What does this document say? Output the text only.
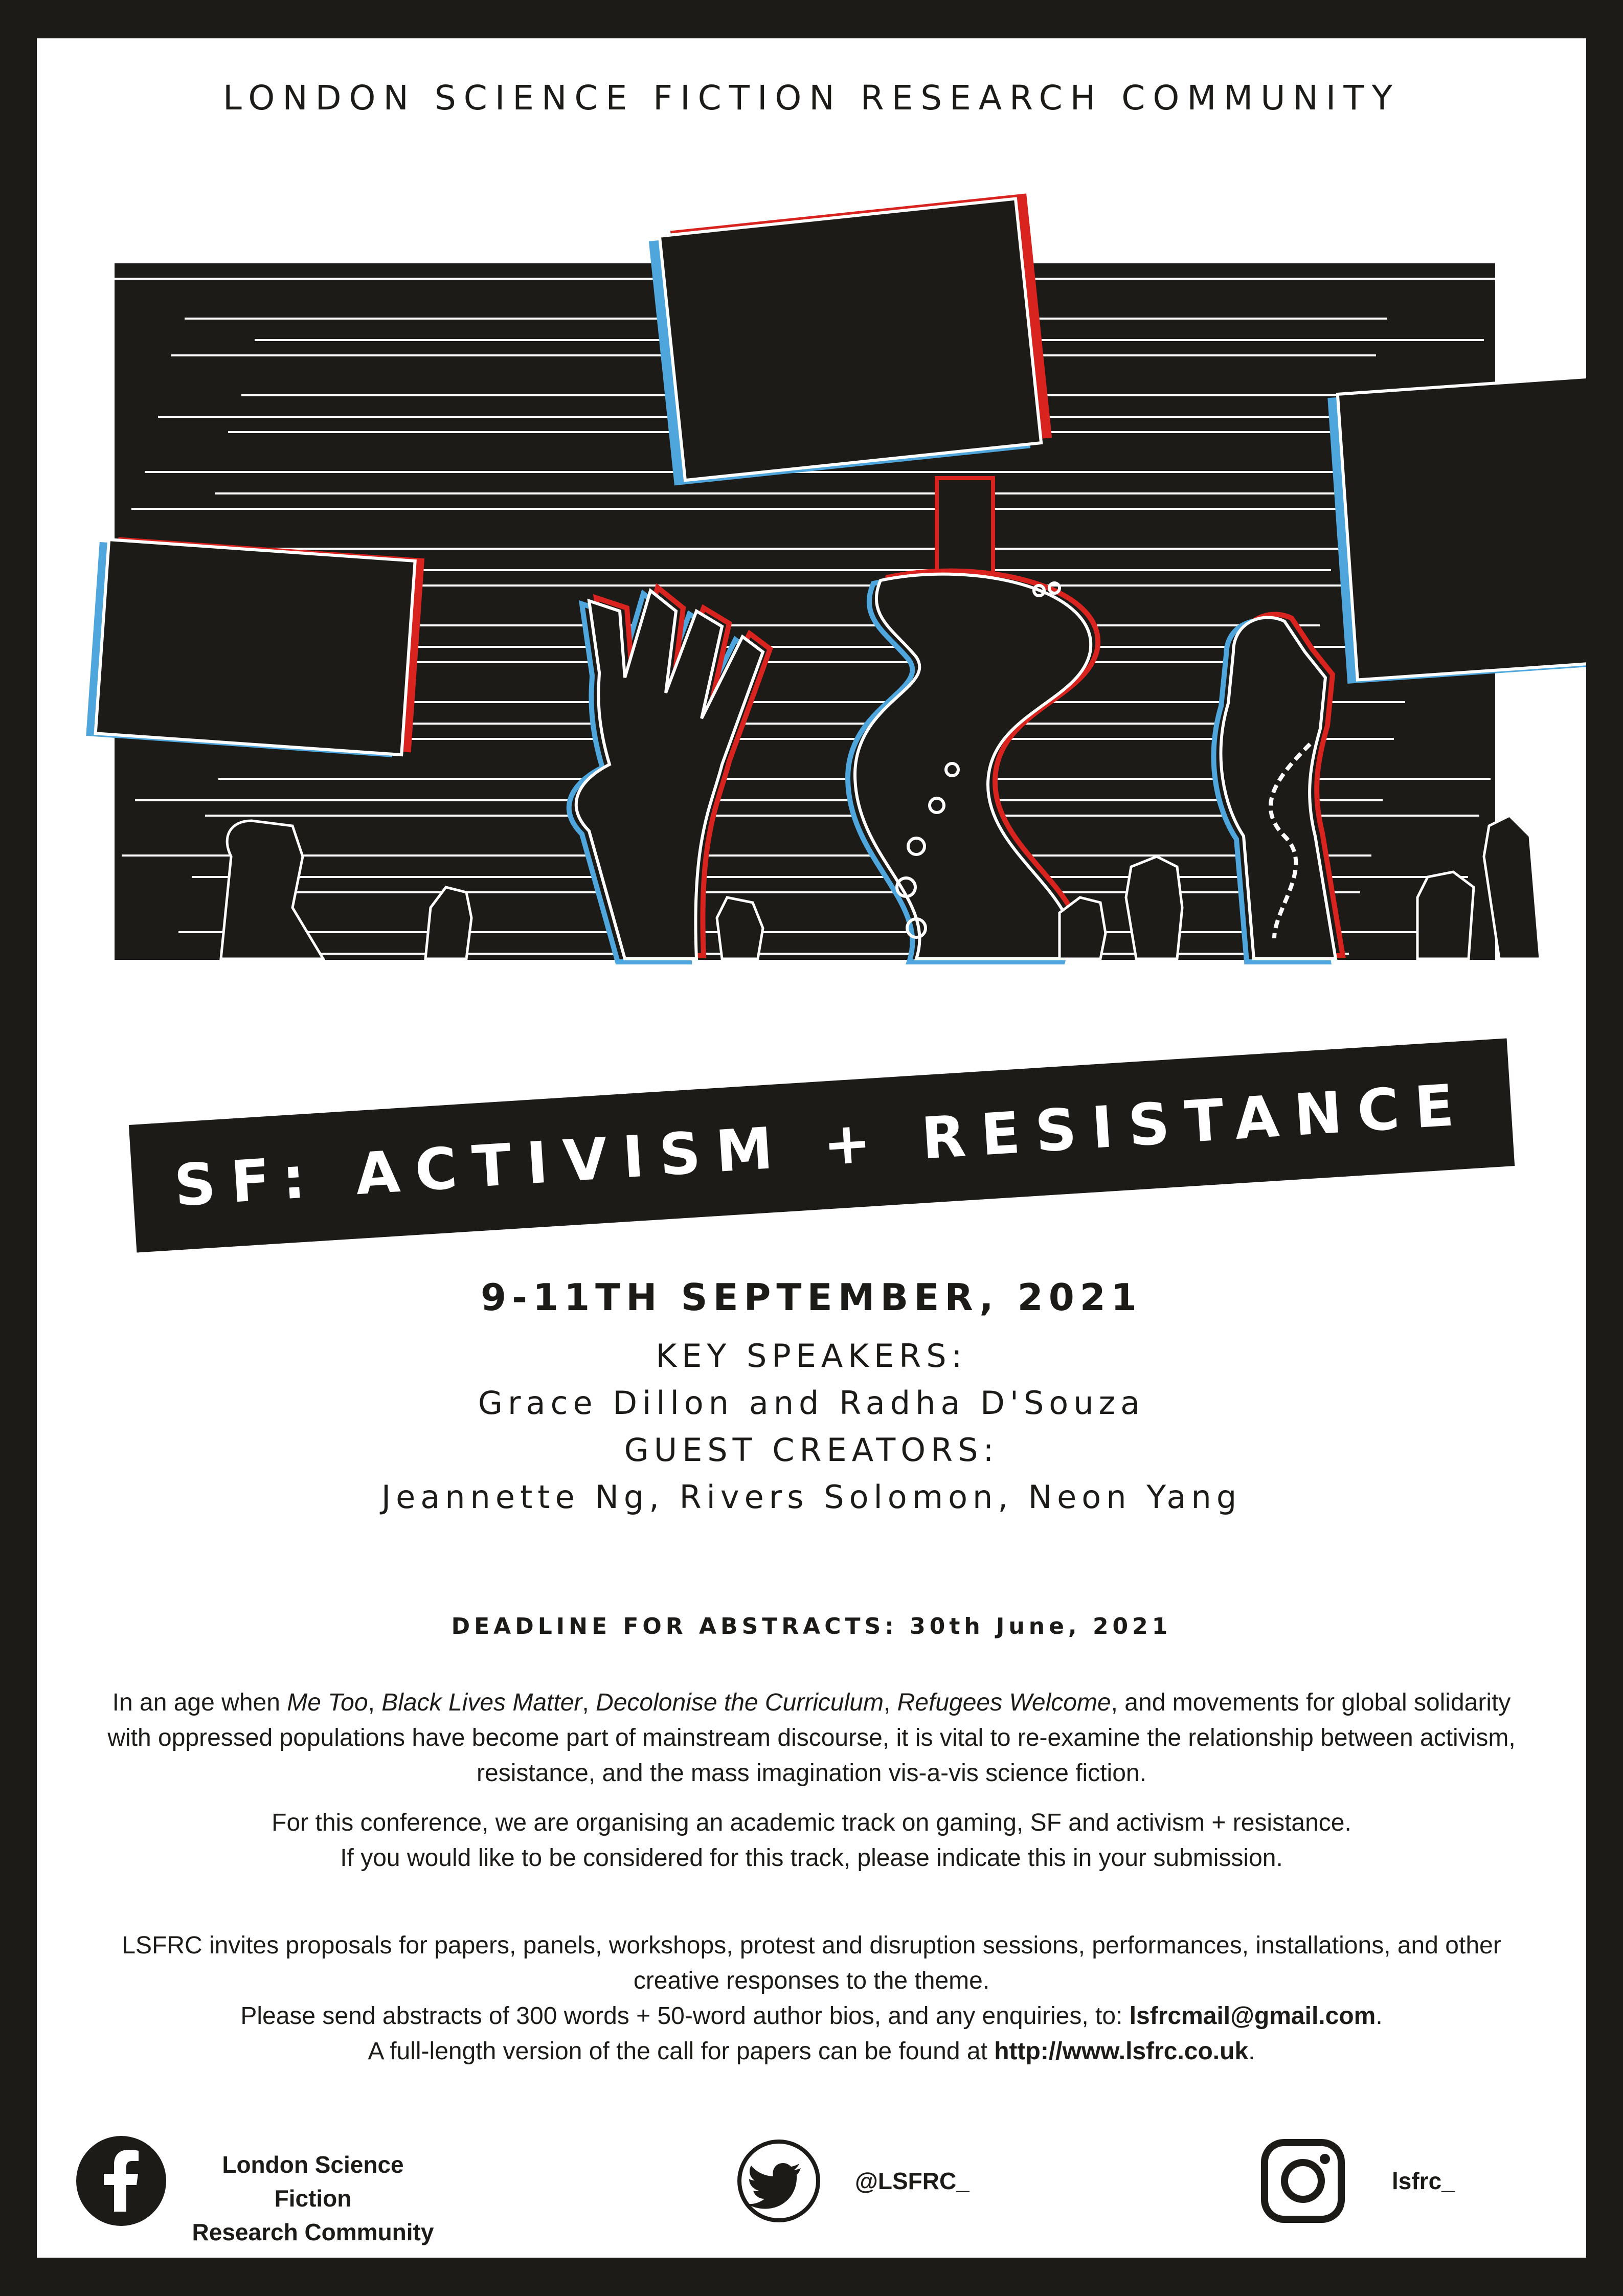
LONDON SCIENCE FICTION RESEARCH COMMUNITY
SF: ACTIVISM + RESISTANCE
9-11TH SEPTEMBER, 2021
KEY SPEAKERS:
Grace Dillon and Radha D'Souza
GUEST CREATORS:
Jeannette Ng, Rivers Solomon, Neon Yang
DEADLINE FOR ABSTRACTS: 30th June, 2021
In an age when Me Too, Black Lives Matter, Decolonise the Curriculum, Refugees Welcome, and movements for global solidarity with oppressed populations have become part of mainstream discourse, it is vital to re-examine the relationship between activism, resistance, and the mass imagination vis-a-vis science fiction.
For this conference, we are organising an academic track on gaming, SF and activism + resistance.
If you would like to be considered for this track, please indicate this in your submission.
LSFRC invites proposals for papers, panels, workshops, protest and disruption sessions, performances, installations, and other creative responses to the theme.
Please send abstracts of 300 words + 50-word author bios, and any enquiries, to: lsfrcmail@gmail.com.
A full-length version of the call for papers can be found at http://www.lsfrc.co.uk.
London Science Fiction
Research Community
@LSFRC_	lsfrc_
